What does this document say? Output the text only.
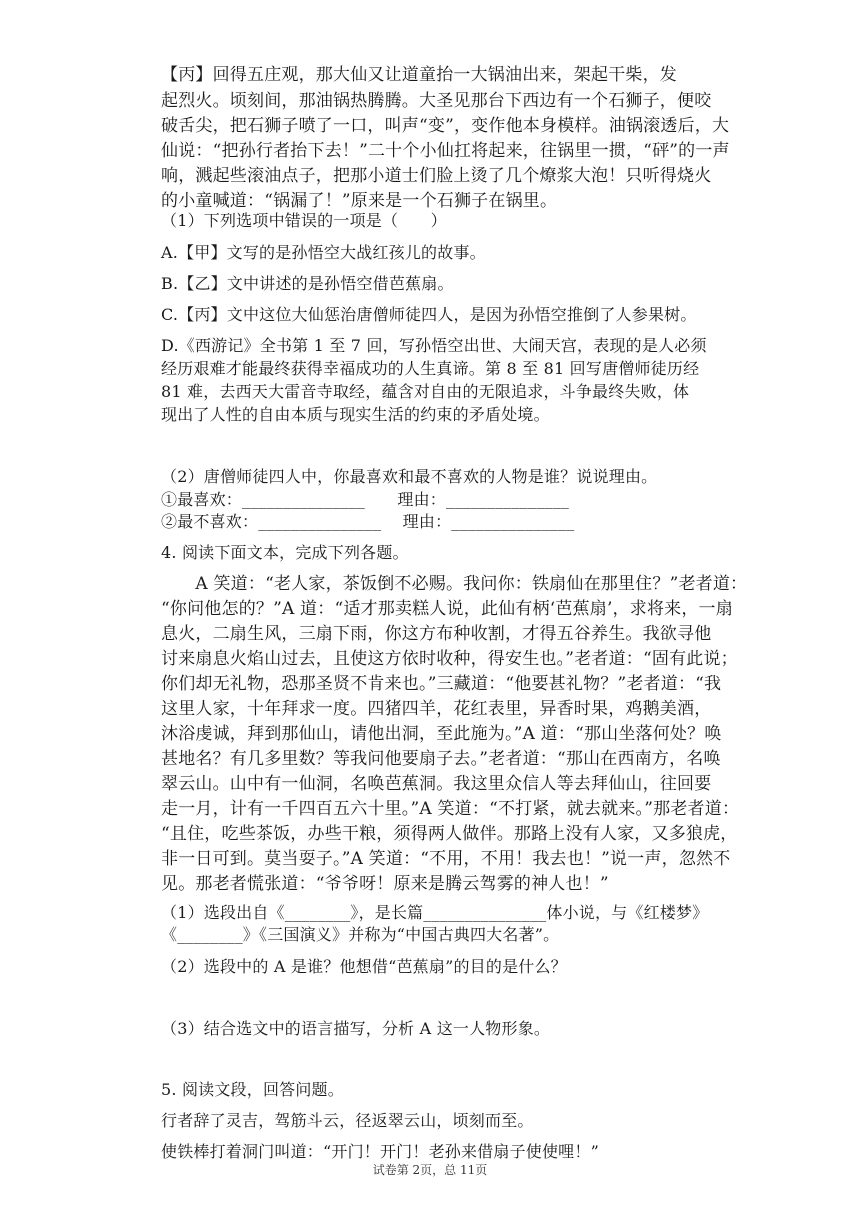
【丙】回得五庄观，那大仙又让道童抬一大锅油出来，架起干柴，发
起烈火。顷刻间，那油锅热腾腾。大圣见那台下西边有一个石狮子，便咬
破舌尖，把石狮子喷了一口，叫声“变”，变作他本身模样。油锅滚透后，大
仙说：“把孙行者抬下去！”二十个小仙扛将起来，往锅里一掼，“砰”的一声
响，溅起些滚油点子，把那小道士们脸上烫了几个燎浆大泡！只听得烧火
的小童喊道：“锅漏了！”原来是一个石狮子在锅里。
（1）下列选项中错误的一项是（　　）
A.【甲】文写的是孙悟空大战红孩儿的故事。
B.【乙】文中讲述的是孙悟空借芭蕉扇。
C.【丙】文中这位大仙惩治唐僧师徒四人，是因为孙悟空推倒了人参果树。
D.《西游记》全书第 1 至 7 回，写孙悟空出世、大闹天宫，表现的是人必须
经历艰难才能最终获得幸福成功的人生真谛。第 8 至 81 回写唐僧师徒历经
81 难，去西天大雷音寺取经，蕴含对自由的无限追求，斗争最终失败，体
现出了人性的自由本质与现实生活的约束的矛盾处境。
（2）唐僧师徒四人中，你最喜欢和最不喜欢的人物是谁？说说理由。
①最喜欢：_______________　　理由：_______________
②最不喜欢：_______________　 理由：_______________
4. 阅读下面文本，完成下列各题。
　　A 笑道：“老人家，茶饭倒不必赐。我问你：铁扇仙在那里住？”老者道：
“你问他怎的？”A 道：“适才那卖糕人说，此仙有柄‘芭蕉扇’，求将来，一扇
息火，二扇生风，三扇下雨，你这方布种收割，才得五谷养生。我欲寻他
讨来扇息火焰山过去，且使这方依时收种，得安生也。”老者道：“固有此说；
你们却无礼物，恐那圣贤不肯来也。”三藏道：“他要甚礼物？”老者道：“我
这里人家，十年拜求一度。四猪四羊，花红表里，异香时果，鸡鹅美酒，
沐浴虔诚，拜到那仙山，请他出洞，至此施为。”A 道：“那山坐落何处？唤
甚地名？有几多里数？等我问他要扇子去。”老者道：“那山在西南方，名唤
翠云山。山中有一仙洞，名唤芭蕉洞。我这里众信人等去拜仙山，往回要
走一月，计有一千四百五六十里。”A 笑道：“不打紧，就去就来。”那老者道：
“且住，吃些茶饭，办些干粮，须得两人做伴。那路上没有人家，又多狼虎，
非一日可到。莫当耍子。”A 笑道：“不用，不用！我去也！”说一声，忽然不
见。那老者慌张道：“爷爷呀！原来是腾云驾雾的神人也！”
（1）选段出自《________》，是长篇_______________体小说，与《红楼梦》
《________》《三国演义》并称为“中国古典四大名著”。
（2）选段中的 A 是谁？他想借“芭蕉扇”的目的是什么？
（3）结合选文中的语言描写，分析 A 这一人物形象。
5. 阅读文段，回答问题。
行者辞了灵吉，驾筋斗云，径返翠云山，顷刻而至。
使铁棒打着洞门叫道：“开门！开门！老孙来借扇子使使哩！”
试卷第 2页，总 11页
